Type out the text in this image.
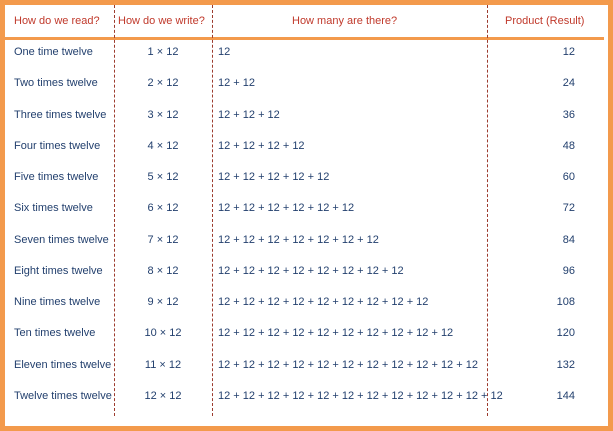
How do we read? How do we write?	How many are there?	Product (Result)
One time twelve	1 × 12	12	12
Two times twelve	2 × 12	12 + 12	24
Three times twelve	3 × 12	12 + 12 + 12	36
Four times twelve	4 × 12	12 + 12 + 12 + 12	48
Five times twelve	5 × 12	12 + 12 + 12 + 12 + 12	60
Six times twelve	6 × 12	12 + 12 + 12 + 12 + 12 + 12	72
Seven times twelve	7 × 12	12 + 12 + 12 + 12 + 12 + 12 + 12	84
Eight times twelve	8 × 12	12 + 12 + 12 + 12 + 12 + 12 + 12 + 12	96
Nine times twelve	9 × 12	12 + 12 + 12 + 12 + 12 + 12 + 12 + 12 + 12	108
Ten times twelve	10 × 12	12 + 12 + 12 + 12 + 12 + 12 + 12 + 12 + 12 + 12	120
Eleven times twelve	11 × 12	12 + 12 + 12 + 12 + 12 + 12 + 12 + 12 + 12 + 12 + 12	132
Twelve times twelve	12 × 12	12 + 12 + 12 + 12 + 12 + 12 + 12 + 12 + 12 + 12 + 12 + 12	144
